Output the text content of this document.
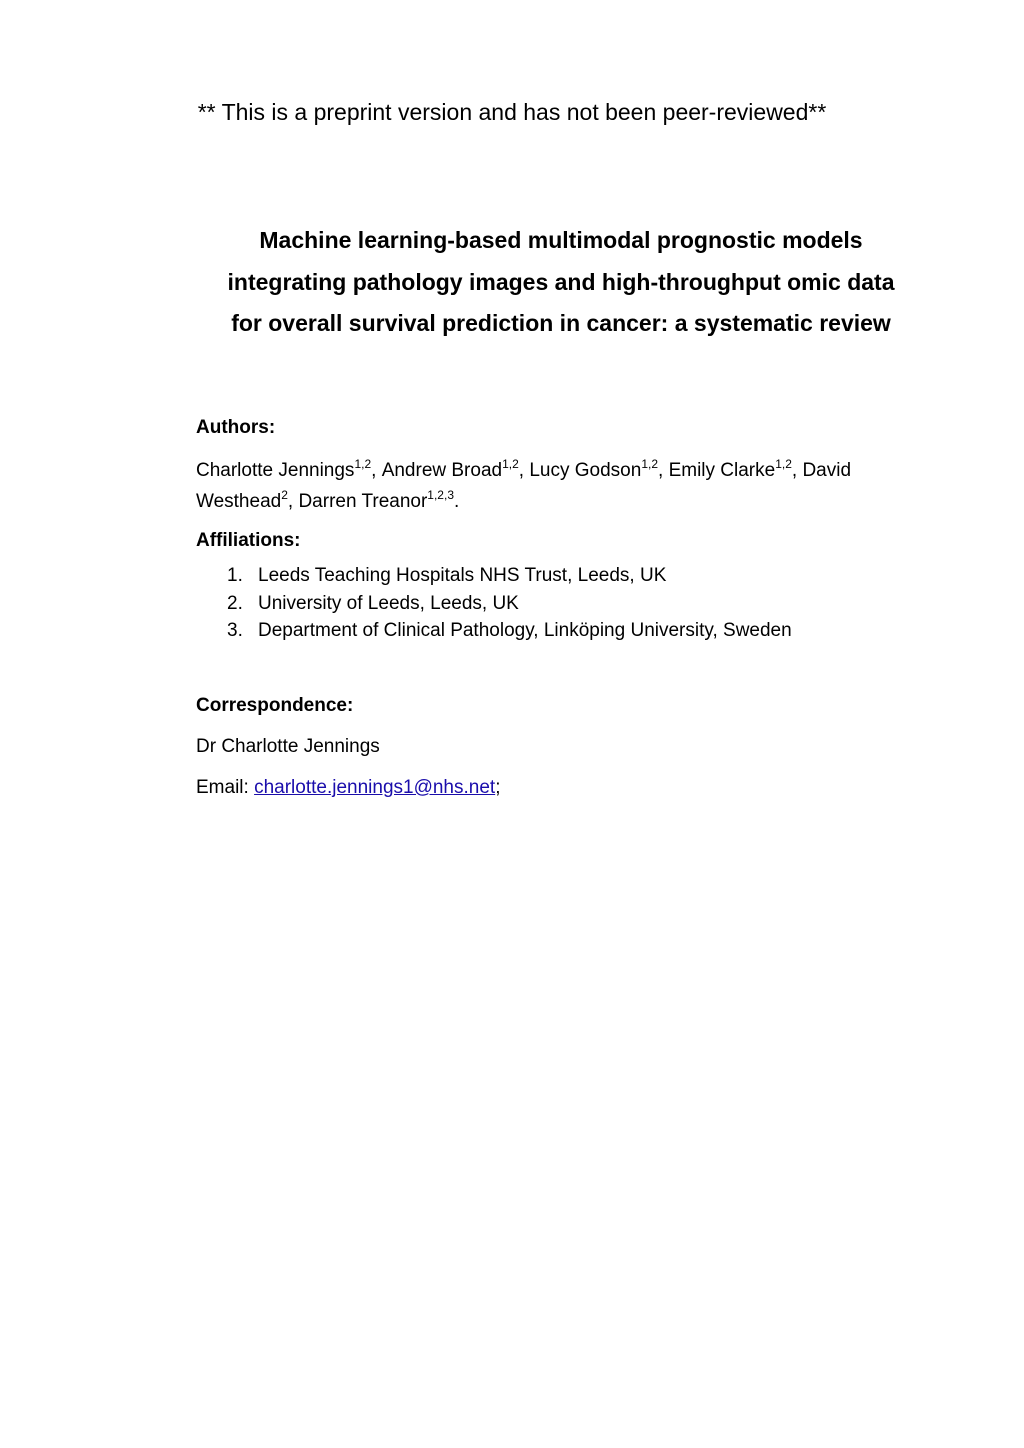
** This is a preprint version and has not been peer-reviewed**

Machine learning-based multimodal prognostic models
integrating pathology images and high-throughput omic data
for overall survival prediction in cancer: a systematic review
Authors:

Charlotte Jennings$^{1,2}$, Andrew Broad$^{1,2}$, Lucy Godson$^{1,2}$, Emily Clarke$^{1,2}$, David Westhead$^2$, Darren Treanor$^{1,2,3}$.

Affiliations:
1. Leeds Teaching Hospitals NHS Trust, Leeds, UK
2. University of Leeds, Leeds, UK
3. Department of Clinical Pathology, Linköping University, Sweden
Correspondence:

Dr Charlotte Jennings

Email: charlotte.jennings1@nhs.net;
